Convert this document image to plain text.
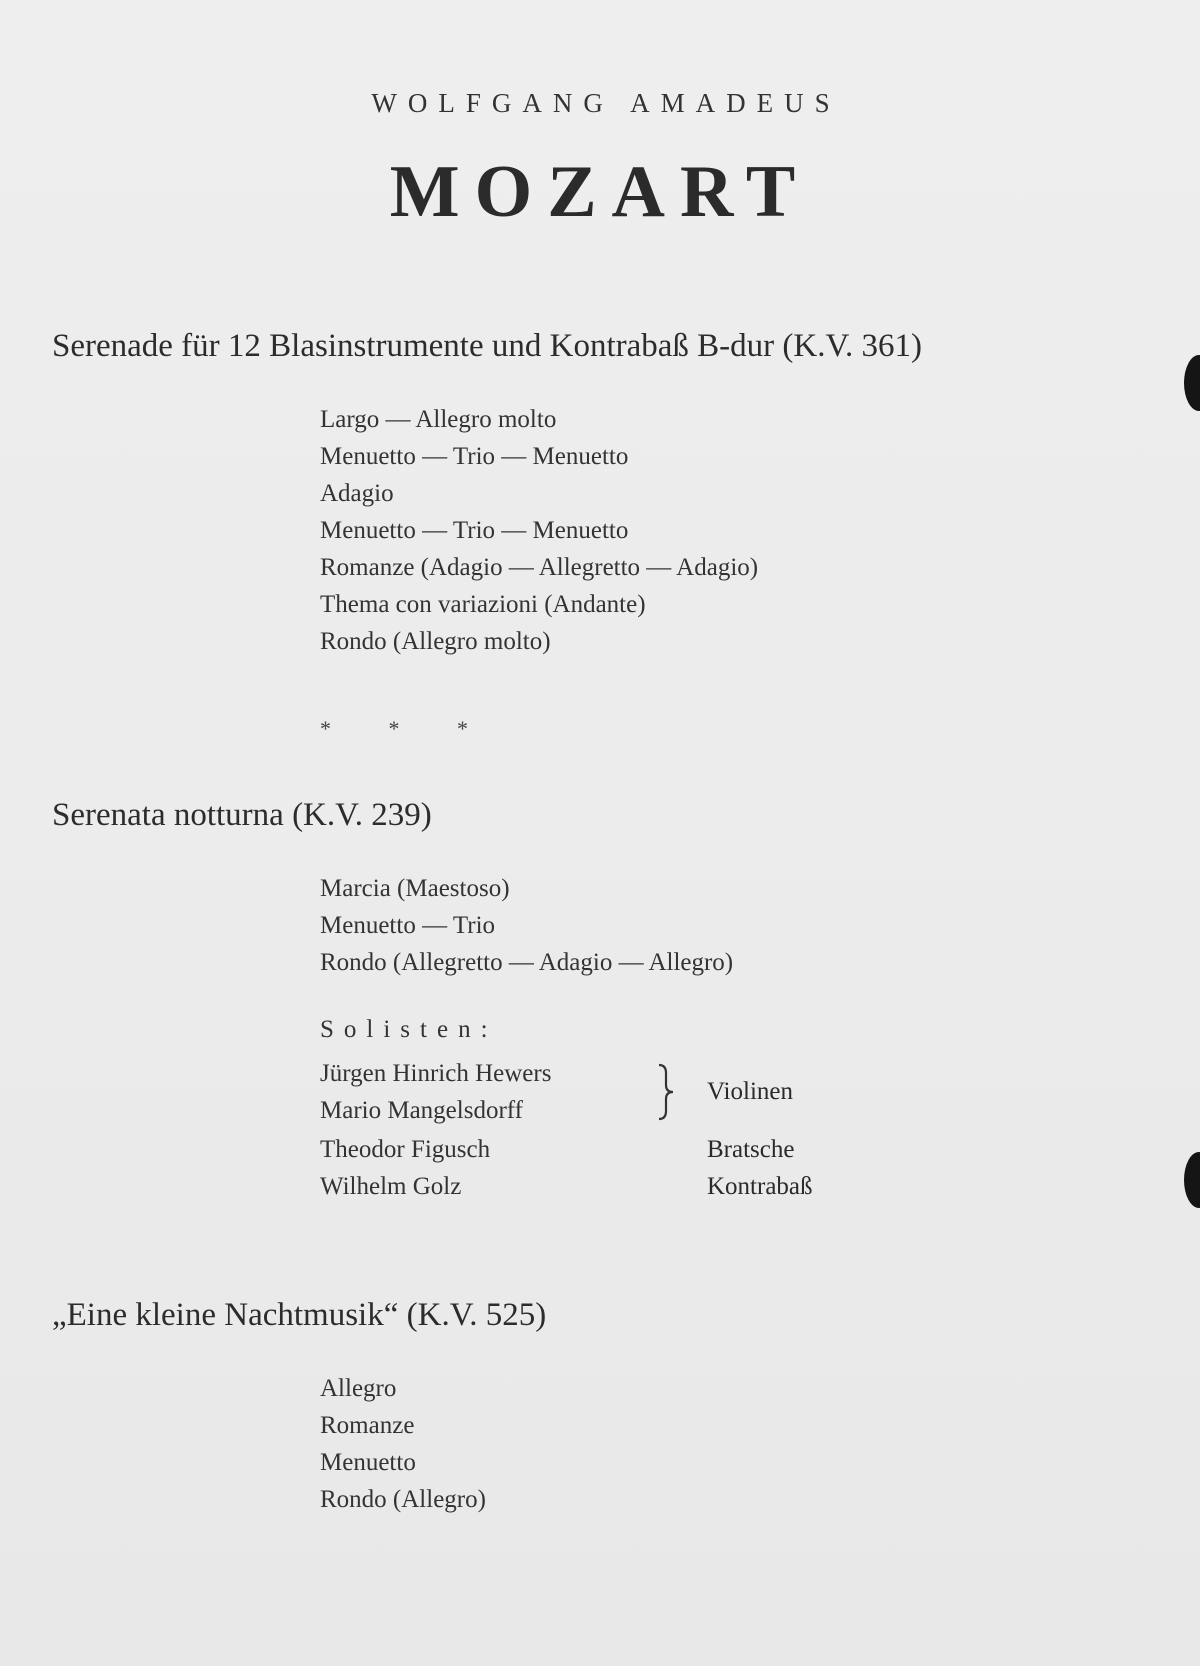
WOLFGANG AMADEUS
MOZART
Serenade für 12 Blasinstrumente und Kontrabaß B-dur (K.V. 361)
Largo — Allegro molto
Menuetto — Trio — Menuetto
Adagio
Menuetto — Trio — Menuetto
Romanze (Adagio — Allegretto — Adagio)
Thema con variazioni (Andante)
Rondo (Allegro molto)
* * *
Serenata notturna (K.V. 239)
Marcia (Maestoso)
Menuetto — Trio
Rondo (Allegretto — Adagio — Allegro)
Solisten:
Jürgen Hinrich Hewers
Mario Mangelsdorff
Theodor Figusch
Wilhelm Golz
Violinen
Bratsche
Kontrabaß
„Eine kleine Nachtmusik“ (K.V. 525)
Allegro
Romanze
Menuetto
Rondo (Allegro)
